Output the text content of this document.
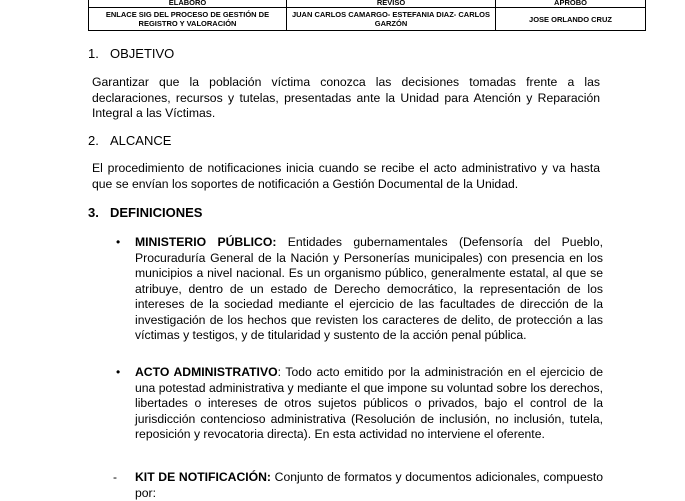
ELABORO	REVISO	APROBO
ENLACE SIG DEL PROCESO DE GESTIÓN DE REGISTRO Y VALORACIÓN	JUAN CARLOS CAMARGO- ESTEFANIA DIAZ- CARLOS GARZÓN	JOSE ORLANDO CRUZ
1. OBJETIVO
Garantizar que la población víctima conozca las decisiones tomadas frente a las declaraciones, recursos y tutelas, presentadas ante la Unidad para Atención y Reparación Integral a las Víctimas.
2. ALCANCE
El procedimiento de notificaciones inicia cuando se recibe el acto administrativo y va hasta que se envían los soportes de notificación a Gestión Documental de la Unidad.
3. DEFINICIONES
• MINISTERIO PÚBLICO: Entidades gubernamentales (Defensoría del Pueblo, Procuraduría General de la Nación y Personerías municipales) con presencia en los municipios a nivel nacional. Es un organismo público, generalmente estatal, al que se atribuye, dentro de un estado de Derecho democrático, la representación de los intereses de la sociedad mediante el ejercicio de las facultades de dirección de la investigación de los hechos que revisten los caracteres de delito, de protección a las víctimas y testigos, y de titularidad y sustento de la acción penal pública.
• ACTO ADMINISTRATIVO: Todo acto emitido por la administración en el ejercicio de una potestad administrativa y mediante el que impone su voluntad sobre los derechos, libertades o intereses de otros sujetos públicos o privados, bajo el control de la jurisdicción contencioso administrativa (Resolución de inclusión, no inclusión, tutela, reposición y revocatoria directa). En esta actividad no interviene el oferente.
- KIT DE NOTIFICACIÓN: Conjunto de formatos y documentos adicionales, compuesto por:
